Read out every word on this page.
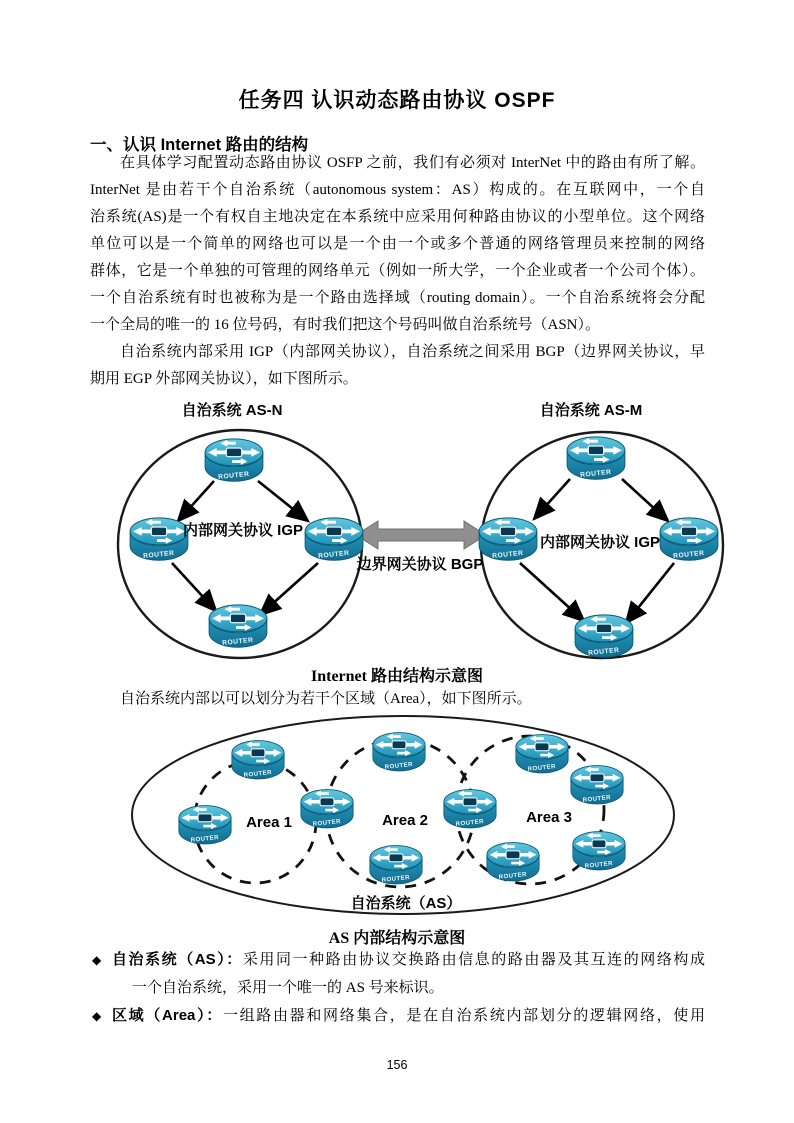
任务四 认识动态路由协议 OSPF
一、认识 Internet 路由的结构
在具体学习配置动态路由协议 OSFP 之前，我们有必须对 InterNet 中的路由有所了解。
InterNet 是由若干个自治系统（autonomous system：AS）构成的。在互联网中，一个自
治系统(AS)是一个有权自主地决定在本系统中应采用何种路由协议的小型单位。这个网络
单位可以是一个简单的网络也可以是一个由一个或多个普通的网络管理员来控制的网络
群体，它是一个单独的可管理的网络单元（例如一所大学，一个企业或者一个公司个体）。
一个自治系统有时也被称为是一个路由选择域（routing domain）。一个自治系统将会分配
一个全局的唯一的 16 位号码，有时我们把这个号码叫做自治系统号（ASN）。
自治系统内部采用 IGP（内部网关协议），自治系统之间采用 BGP（边界网关协议，早
期用 EGP 外部网关协议），如下图所示。
自治系统 AS-N	自治系统 AS-M
内部网关协议 IGP
内部网关协议 IGP
边界网关协议 BGP
Internet 路由结构示意图
自治系统内部以可以划分为若干个区域（Area），如下图所示。
Area 1	Area 2	Area 3
自治系统（AS）
AS 内部结构示意图
◆ 自治系统（AS）：采用同一种路由协议交换路由信息的路由器及其互连的网络构成
一个自治系统，采用一个唯一的 AS 号来标识。
◆ 区域（Area）：一组路由器和网络集合，是在自治系统内部划分的逻辑网络，使用
156
